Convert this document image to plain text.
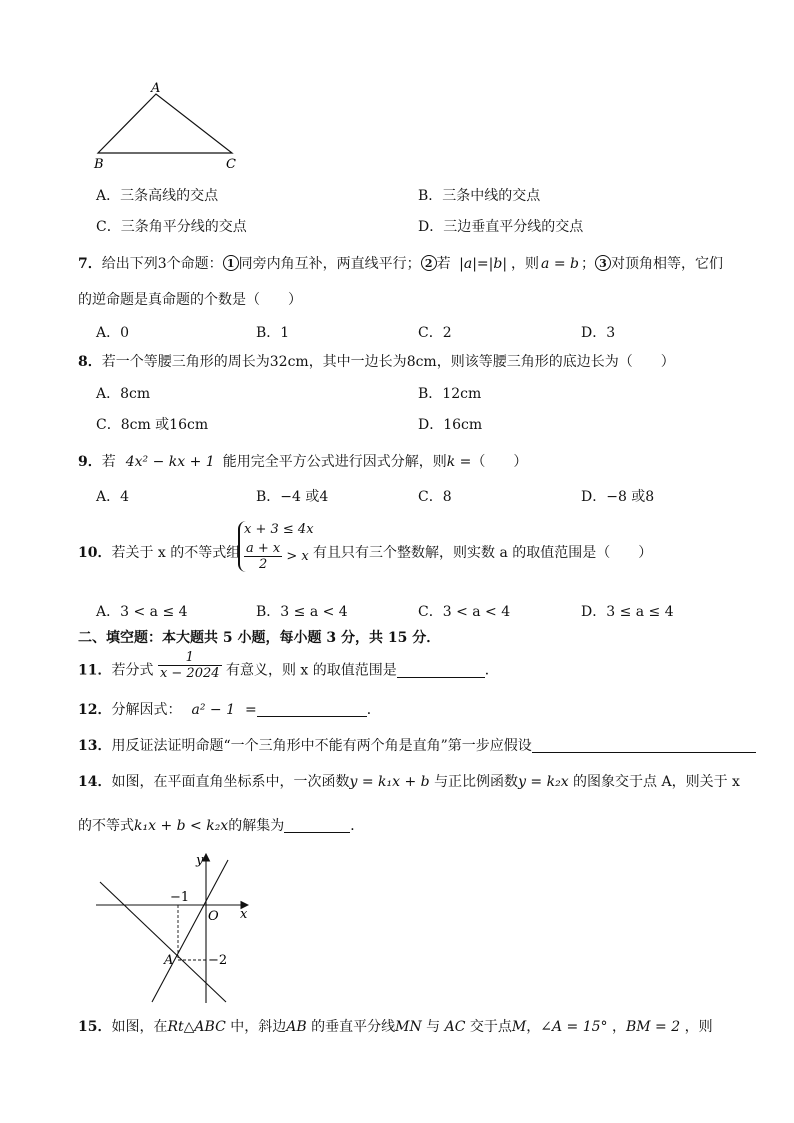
A
B	C
A．三条高线的交点	B．三条中线的交点
C．三条角平分线的交点	D．三边垂直平分线的交点
7．给出下列3个命题： 1 同旁内角互补，两直线平行； 2 若 |a|=|b| ，则 a = b ； 3 对顶角相等，它们
的逆命题是真命题的个数是（　　）
A．0	B．1	C．2	D．3
8．若一个等腰三角形的周长为32cm，其中一边长为8cm，则该等腰三角形的底边长为（　　）
A．8cm	B．12cm
C．8cm 或16cm	D．16cm
9．若 4x² − kx + 1 能用完全平方公式进行因式分解，则k =（　　）
A．4	B．−4 或4	C．8	D．−8 或8
10．若关于 x 的不等式组
x + 3 ≤ 4x
$\frac{a + x}{2} > x$ 有且只有三个整数解，则实数 a 的取值范围是（　　）
A．3 < a ≤ 4	B．3 ≤ a < 4	C．3 < a < 4	D．3 ≤ a ≤ 4
二、填空题：本大题共 5 小题，每小题 3 分，共 15 分．
11．若分式 $\frac{1}{x - 2024}$ 有意义，则 x 的取值范围是	．
12．分解因式： a² − 1 =	．
13．用反证法证明命题“一个三角形中不能有两个角是直角”第一步应假设
14．如图，在平面直角坐标系中，一次函数y = k₁x + b 与正比例函数y = k₂x 的图象交于点 A，则关于 x
的不等式k₁x + b < k₂x的解集为	．
y
x
O
A
−1
−2
15．如图，在Rt△ABC 中，斜边AB 的垂直平分线MN 与 AC 交于点M，∠A = 15° ，BM = 2 ，则
